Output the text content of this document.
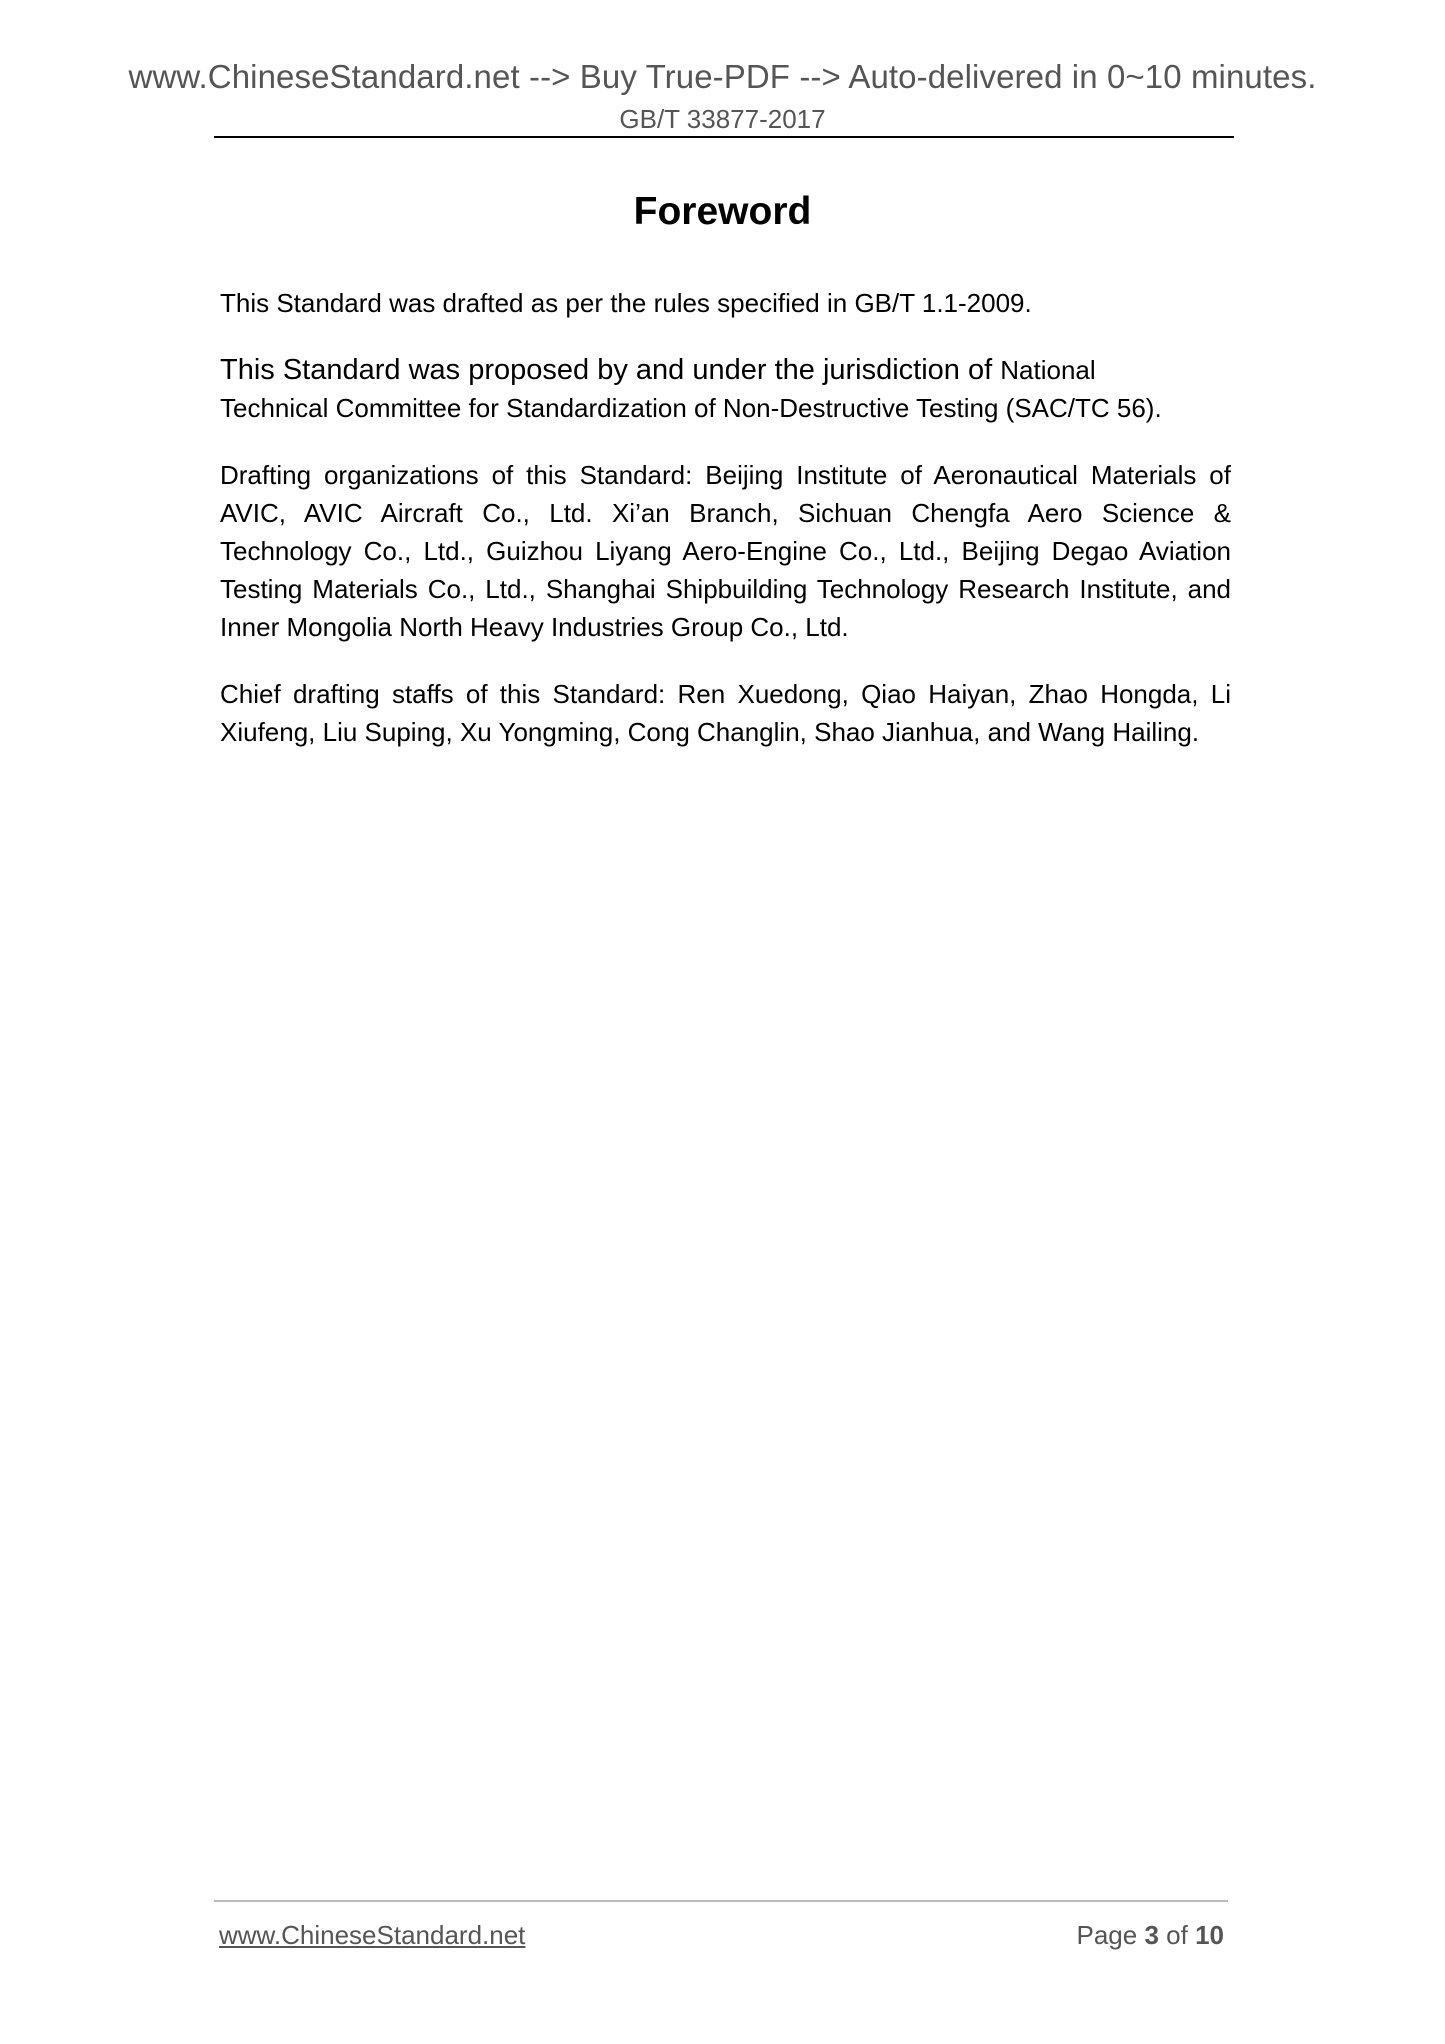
www.ChineseStandard.net --> Buy True-PDF --> Auto-delivered in 0~10 minutes.
GB/T 33877-2017
Foreword

This Standard was drafted as per the rules specified in GB/T 1.1-2009.

This Standard was proposed by and under the jurisdiction of National
Technical Committee for Standardization of Non-Destructive Testing (SAC/TC 56).

Drafting organizations of this Standard: Beijing Institute of Aeronautical Materials of AVIC, AVIC Aircraft Co., Ltd. Xi’an Branch, Sichuan Chengfa Aero Science & Technology Co., Ltd., Guizhou Liyang Aero-Engine Co., Ltd., Beijing Degao Aviation Testing Materials Co., Ltd., Shanghai Shipbuilding Technology Research Institute, and Inner Mongolia North Heavy Industries Group Co., Ltd.

Chief drafting staffs of this Standard: Ren Xuedong, Qiao Haiyan, Zhao Hongda, Li Xiufeng, Liu Suping, Xu Yongming, Cong Changlin, Shao Jianhua, and Wang Hailing.

www.ChineseStandard.net	Page 3 of 10
